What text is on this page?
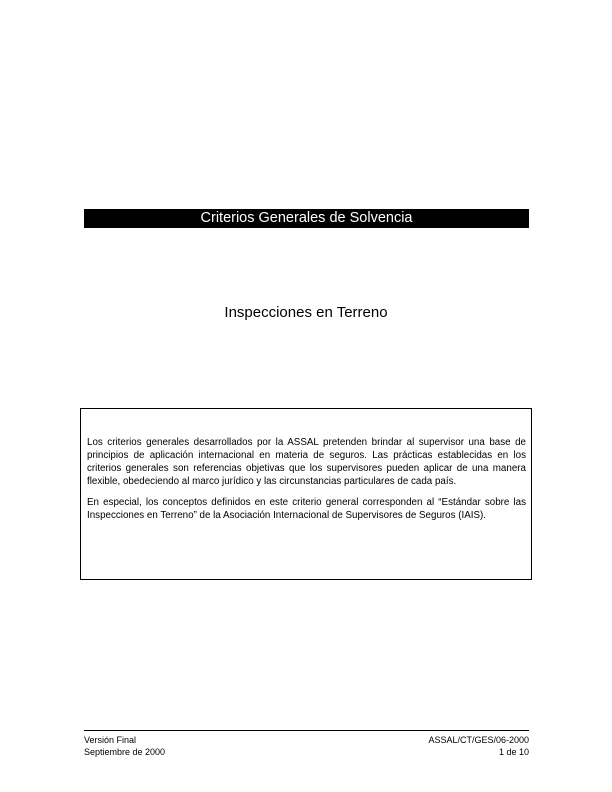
Criterios Generales de Solvencia
Inspecciones en Terreno

Los criterios generales desarrollados por la ASSAL pretenden brindar al supervisor una base de principios de aplicación internacional en materia de seguros. Las prácticas establecidas en los criterios generales son referencias objetivas que los supervisores pueden aplicar de una manera flexible, obedeciendo al marco jurídico y las circunstancias particulares de cada país.

En especial, los conceptos definidos en este criterio general corresponden al “Estándar sobre las Inspecciones en Terreno” de la Asociación Internacional de Supervisores de Seguros (IAIS).

Versión Final
Septiembre de 2000
ASSAL/CT/GES/06-2000
1 de 10
